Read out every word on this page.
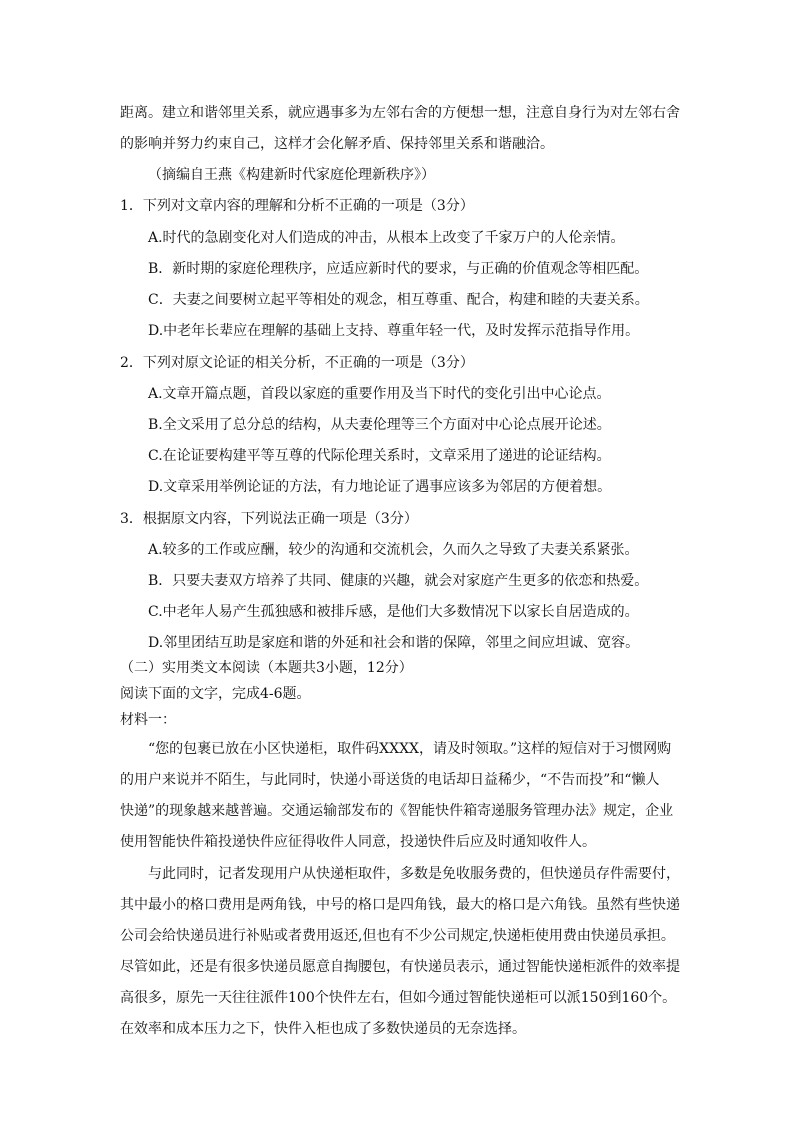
距离。建立和谐邻里关系，就应遇事多为左邻右舍的方便想一想，注意自身行为对左邻右舍
的影响并努力约束自己，这样才会化解矛盾、保持邻里关系和谐融洽。
（摘编自王燕《构建新时代家庭伦理新秩序》）
1．下列对文章内容的理解和分析不正确的一项是（3分）
A.时代的急剧变化对人们造成的冲击，从根本上改变了千家万户的人伦亲情。
B．新时期的家庭伦理秩序，应适应新时代的要求，与正确的价值观念等相匹配。
C．夫妻之间要树立起平等相处的观念，相互尊重、配合，构建和睦的夫妻关系。
D.中老年长辈应在理解的基础上支持、尊重年轻一代，及时发挥示范指导作用。
2．下列对原文论证的相关分析，不正确的一项是（3分）
A.文章开篇点题，首段以家庭的重要作用及当下时代的变化引出中心论点。
B.全文采用了总分总的结构，从夫妻伦理等三个方面对中心论点展开论述。
C.在论证要构建平等互尊的代际伦理关系时，文章采用了递进的论证结构。
D.文章采用举例论证的方法，有力地论证了遇事应该多为邻居的方便着想。
3．根据原文内容，下列说法正确一项是（3分）
A.较多的工作或应酬，较少的沟通和交流机会，久而久之导致了夫妻关系紧张。
B．只要夫妻双方培养了共同、健康的兴趣，就会对家庭产生更多的依恋和热爱。
C.中老年人易产生孤独感和被排斥感，是他们大多数情况下以家长自居造成的。
D.邻里团结互助是家庭和谐的外延和社会和谐的保障，邻里之间应坦诚、宽容。
（二）实用类文本阅读（本题共3小题，12分）
阅读下面的文字，完成4-6题。
材料一：
“您的包裹已放在小区快递柜，取件码XXXX，请及时领取。”这样的短信对于习惯网购
的用户来说并不陌生，与此同时，快递小哥送货的电话却日益稀少，“不告而投”和“懒人
快递”的现象越来越普遍。交通运输部发布的《智能快件箱寄递服务管理办法》规定，企业
使用智能快件箱投递快件应征得收件人同意，投递快件后应及时通知收件人。
与此同时，记者发现用户从快递柜取件，多数是免收服务费的，但快递员存件需要付，
其中最小的格口费用是两角钱，中号的格口是四角钱，最大的格口是六角钱。虽然有些快递
公司会给快递员进行补贴或者费用返还,但也有不少公司规定,快递柜使用费由快递员承担。
尽管如此，还是有很多快递员愿意自掏腰包，有快递员表示，通过智能快递柜派件的效率提
高很多，原先一天往往派件100个快件左右，但如今通过智能快递柜可以派150到160个。
在效率和成本压力之下，快件入柜也成了多数快递员的无奈选择。
